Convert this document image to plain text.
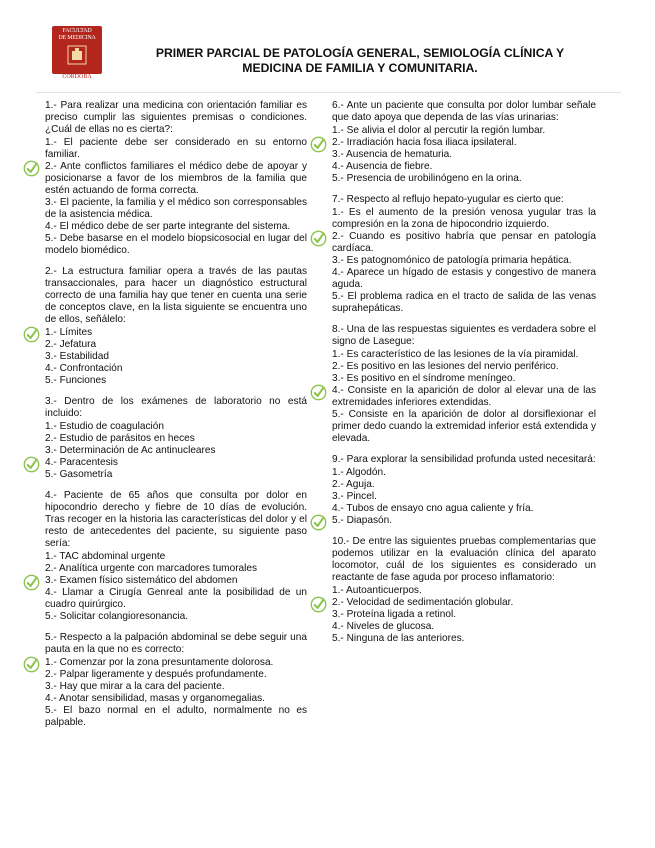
FACULTAD
DE MEDICINA
CÓRDOBA
PRIMER PARCIAL DE PATOLOGÍA GENERAL, SEMIOLOGÍA CLÍNICA Y
MEDICINA DE FAMILIA Y COMUNITARIA.
1.- Para realizar una medicina con orientación familiar es preciso cumplir las siguientes premisas o condiciones. ¿Cuál de ellas no es cierta?:
1.- El paciente debe ser considerado en su entorno familiar.
2.- Ante conflictos familiares el médico debe de apoyar y posicionarse a favor de los miembros de la familia que estén actuando de forma correcta.
3.- El paciente, la familia y el médico son corresponsables de la asistencia médica.
4.- El médico debe de ser parte integrante del sistema.
5.- Debe basarse en el modelo biopsicosocial en lugar del modelo biomédico.
2.- La estructura familiar opera a través de las pautas transaccionales, para hacer un diagnóstico estructural correcto de una familia hay que tener en cuenta una serie de conceptos clave, en la lista siguiente se encuentra uno de ellos, señálelo:
1.- Límites
2.- Jefatura
3.- Estabilidad
4.- Confrontación
5.- Funciones
3.- Dentro de los exámenes de laboratorio no está incluido:
1.- Estudio de coagulación
2.- Estudio de parásitos en heces
3.- Determinación de Ac antinucleares
4.- Paracentesis
5.- Gasometría
4.- Paciente de 65 años que consulta por dolor en hipocondrio derecho y fiebre de 10 días de evolución. Tras recoger en la historia las características del dolor y el resto de antecedentes del paciente, su siguiente paso sería:
1.- TAC abdominal urgente
2.- Analítica urgente con marcadores tumorales
3.- Examen físico sistemático del abdomen
4.- Llamar a Cirugía Genreal ante la posibilidad de un cuadro quirúrgico.
5.- Solicitar colangioresonancia.
5.- Respecto a la palpación abdominal se debe seguir una pauta en la que no es correcto:
1.- Comenzar por la zona presuntamente dolorosa.
2.- Palpar ligeramente y después profundamente.
3.- Hay que mirar a la cara del paciente.
4.- Anotar sensibilidad, masas y organomegalias.
5.- El bazo normal en el adulto, normalmente no es palpable.
6.- Ante un paciente que consulta por dolor lumbar señale que dato apoya que dependa de las vías urinarias:
1.- Se alivia el dolor al percutir la región lumbar.
2.- Irradiación hacia fosa iliaca ipsilateral.
3.- Ausencia de hematuria.
4.- Ausencia de fiebre.
5.- Presencia de urobilinógeno en la orina.
7.- Respecto al reflujo hepato-yugular es cierto que:
1.- Es el aumento de la presión venosa yugular tras la compresión en la zona de hipocondrio izquierdo.
2.- Cuando es positivo habría que pensar en patología cardíaca.
3.- Es patognomónico de patología primaria hepática.
4.- Aparece un hígado de estasis y congestivo de manera aguda.
5.- El problema radica en el tracto de salida de las venas suprahepáticas.
8.- Una de las respuestas siguientes es verdadera sobre el signo de Lasegue:
1.- Es característico de las lesiones de la vía piramidal.
2.- Es positivo en las lesiones del nervio periférico.
3.- Es positivo en el síndrome meníngeo.
4.- Consiste en la aparición de dolor al elevar una de las extremidades inferiores extendidas.
5.- Consiste en la aparición de dolor al dorsiflexionar el primer dedo cuando la extremidad inferior está extendida y elevada.
9.- Para explorar la sensibilidad profunda usted necesitará:
1.- Algodón.
2.- Aguja.
3.- Pincel.
4.- Tubos de ensayo cno agua caliente y fría.
5.- Diapasón.
10.- De entre las siguientes pruebas complementarias que podemos utilizar en la evaluación clínica del aparato locomotor, cuál de los siguientes es considerado un reactante de fase aguda por proceso inflamatorio:
1.- Autoanticuerpos.
2.- Velocidad de sedimentación globular.
3.- Proteína ligada a retinol.
4.- Niveles de glucosa.
5.- Ninguna de las anteriores.
